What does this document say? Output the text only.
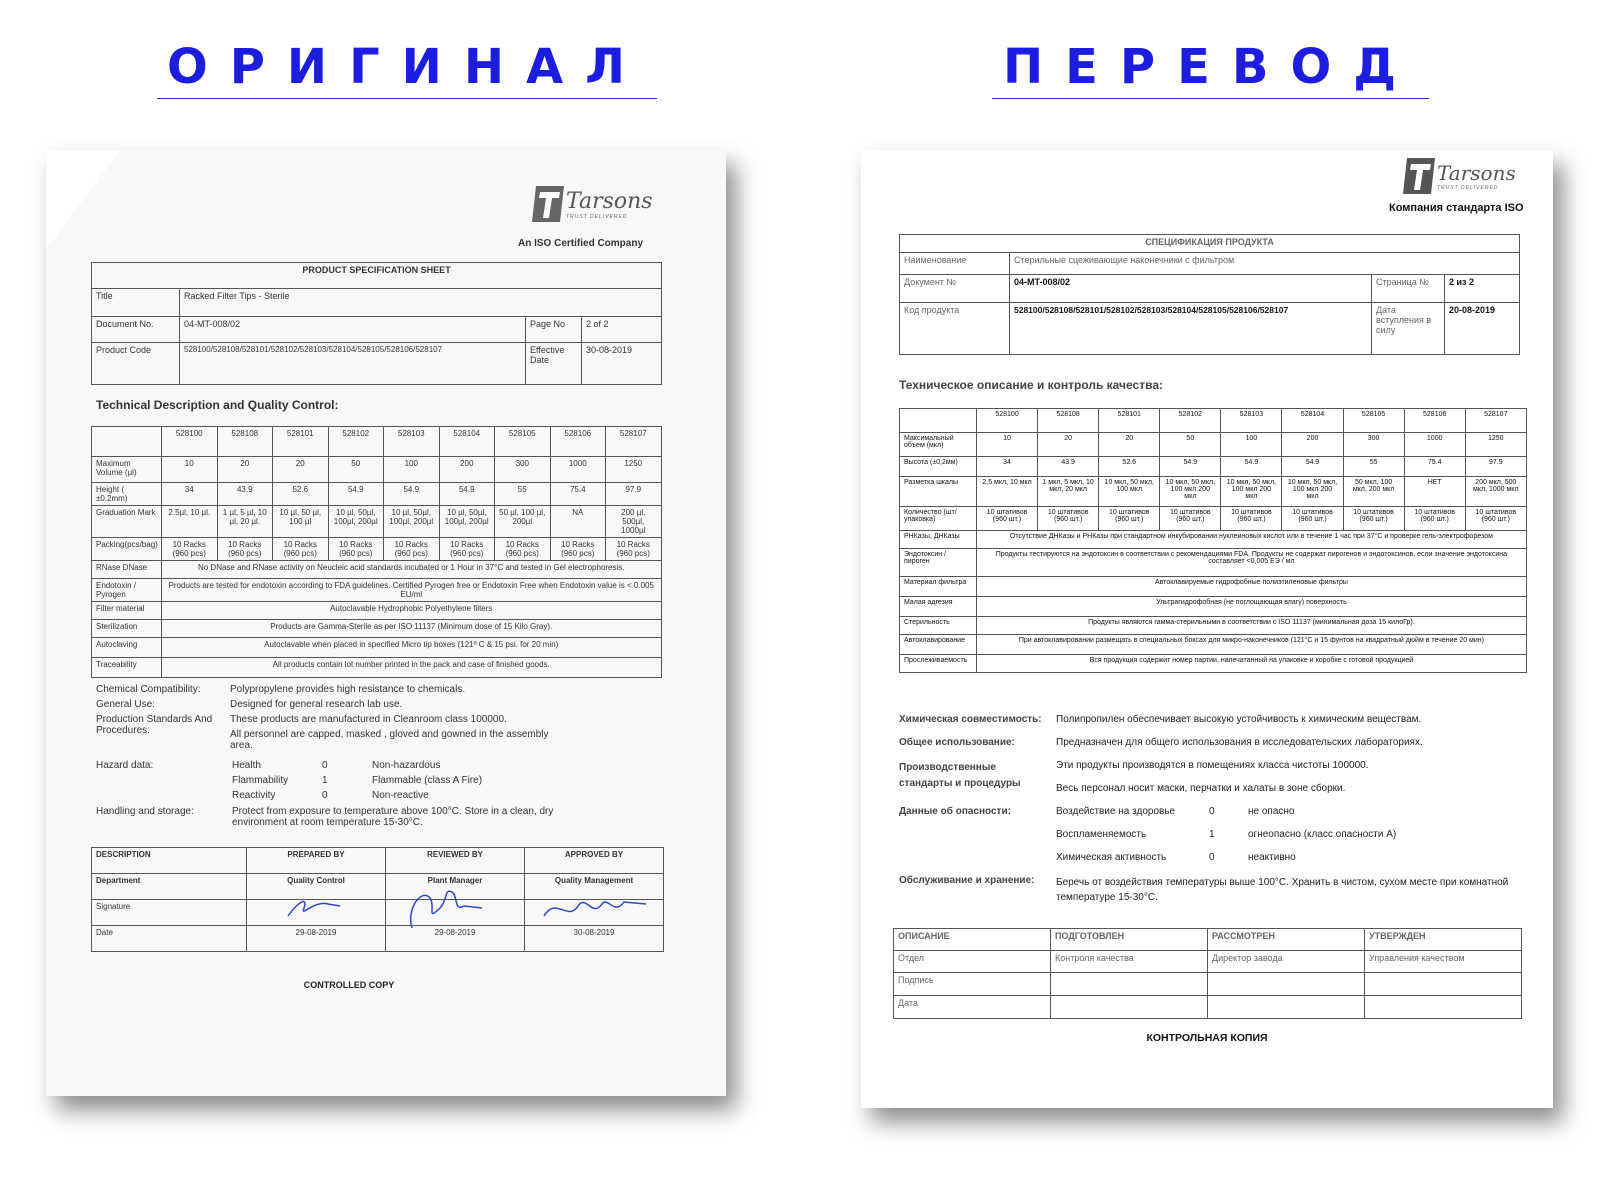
ОРИГИНАЛ	ПЕРЕВОД
Tarsons
TRUST DELIVERED
An ISO Certified Company
PRODUCT SPECIFICATION SHEET			
Title	Racked Filter Tips - Sterile		
Document No.	04-MT-008/02	Page No	2 of 2
Product Code	528100/528108/528101/528102/528103/528104/528105/528106/528107	Effective Date	30-08-2019
Technical Description and Quality Control:
	528100	528108	528101	528102	528103	528104	528105	528106	528107
Maximum Volume (µl)	10	20	20	50	100	200	300	1000	1250
Height ( ±0.2mm)	34	43.9	52.6	54.9	54.9	54.9	55	75.4	97.9
Graduation Mark	2.5µl, 10 µl.	1 µl, 5 µl, 10 µl, 20 µl.	10 µl, 50 µl, 100 µl	10 µl, 50µl, 100µl, 200µl	10 µl, 50µl, 100µl, 200µl	10 µl, 50µl, 100µl, 200µl	50 µl, 100 µl, 200µl	NA	200 µl, 500µl, 1000µl
Packing(pcs/bag)	10 Racks (960 pcs)	10 Racks (960 pcs)	10 Racks (960 pcs)	10 Racks (960 pcs)	10 Racks (960 pcs)	10 Racks (960 pcs)	10 Racks (960 pcs)	10 Racks (960 pcs)	10 Racks (960 pcs)
RNase DNase	No DNase and RNase activity on Neucleic acid standards incubated or 1 Hour in 37°C and tested in Gel electrophoresis.								
Endotoxin / Pyrogen	Products are tested for endotoxin according to FDA guidelines. Certified Pyrogen free or Endotoxin Free when Endotoxin value is < 0.005 EU/ml								
Filter material	Autoclavable Hydrophobic Polyethylene filters								
Sterilization	Products are Gamma-Sterile as per ISO 11137 (Minimum dose of 15 Kilo Gray).								
Autoclaving	Autoclavable when placed in specified Micro tip boxes (121º C & 15 psi. for 20 min)								
Traceability	All products contain lot number printed in the pack and case of finished goods.								
Chemical Compatibility:	Polypropylene provides high resistance to chemicals.
General Use:	Designed for general research lab use.
Production Standards And Procedures:
These products are manufactured in Cleanroom class 100000.
All personnel are capped, masked , gloved and gowned in the assembly area.
Hazard data:	Health	0	Non-hazardous
Flammability	1	Flammable (class A Fire)
Reactivity	0	Non-reactive
Handling and storage:	Protect from exposure to temperature above 100°C. Store in a clean, dry environment at room temperature 15-30°C.
DESCRIPTION	PREPARED BY	REVIEWED BY	APPROVED BY
Department	Quality Control	Plant Manager	Quality Management
Signature			
Date	29-08-2019	29-08-2019	30-08-2019
CONTROLLED COPY
Tarsons
TRUST DELIVERED
Компания стандарта ISO
СПЕЦИФИКАЦИЯ ПРОДУКТА			
Наименование	Стерильные сцеживающие наконечники с фильтром		
Документ №	04-MT-008/02	Страница №	2 из 2
Код продукта	528100/528108/528101/528102/528103/528104/528105/528106/528107	Дата вступления в силу	20-08-2019
Техническое описание и контроль качества:
	528100	528108	528101	528102	528103	528104	528105	528106	528107
Максимальный объем (мкл)	10	20	20	50	100	200	300	1000	1250
Высота (±0,2мм)	34	43.9	52.6	54.9	54.9	54.9	55	75.4	97.9
Разметка шкалы	2.5 мкл, 10 мкл	1 мкл, 5 мкл, 10 мкл, 20 мкл	10 мкл, 50 мкл, 100 мкл	10 мкл, 50 мкл, 100 мкл 200 мкл	10 мкл, 50 мкл, 100 мкл 200 мкл	10 мкл, 50 мкл, 100 мкл 200 мкл	50 мкл, 100 мкл, 200 мкл	НЕТ	200 мкл, 500 мкл, 1000 мкл
Количество (шт/упаковка)	10 штативов (960 шт.)	10 штативов (960 шт.)	10 штативов (960 шт.)	10 штативов (960 шт.)	10 штативов (960 шт.)	10 штативов (960 шт.)	10 штативов (960 шт.)	10 штативов (960 шт.)	10 штативов (960 шт.)
РНКазы, ДНКазы	Отсутствие ДНКазы и РНКазы при стандартном инкубировании нуклеиновых кислот или в течение 1 час при 37°С и проверке гель-электрофорезом								
Эндотоксин / пироген	Продукты тестируются на эндотоксин в соответствии с рекомендациями FDA. Продукты не содержат пирогенов и эндотоксинов, если значение эндотоксина составляет <0,005 ЕЭ / мл								
Материал фильтра	Автоклавируемые гидрофобные полиэтиленовые фильтры								
Малая адгезия	Ультрагидрофобная (не поглощающая влагу) поверхность								
Стерильность	Продукты являются гамма-стерильными в соответствии с ISO 11137 (минимальная доза 15 килоГр).								
Автоклавирование	При автоклавировании размещать в специальных боксах для микро-наконечников (121°С и 15 фунтов на квадратный дюйм в течение 20 мин)								
Прослеживаемость	Вся продукция содержит номер партии, напечатанный на упаковке и коробке с готовой продукцией								
Химическая совместимость: Полипропилен обеспечивает высокую устойчивость к химическим веществам.
Общее использование:	Предназначен для общего использования в исследовательских лабораториях.
Производственные стандарты и процедуры
Эти продукты производятся в помещениях класса чистоты 100000.
Весь персонал носит маски, перчатки и халаты в зоне сборки.
Данные об опасности:	Воздействие на здоровье	0	не опасно
Воспламеняемость	1	огнеопасно (класс опасности А)
Химическая активность	0	неактивно
Обслуживание и хранение: Беречь от воздействия температуры выше 100°C. Хранить в чистом, сухом месте при комнатной температуре 15-30°C.
ОПИСАНИЕ	ПОДГОТОВЛЕН	РАССМОТРЕН	УТВЕРЖДЕН
Отдел	Контроля качества	Директор завода	Управления качеством
Подпись			
Дата			
КОНТРОЛЬНАЯ КОПИЯ
